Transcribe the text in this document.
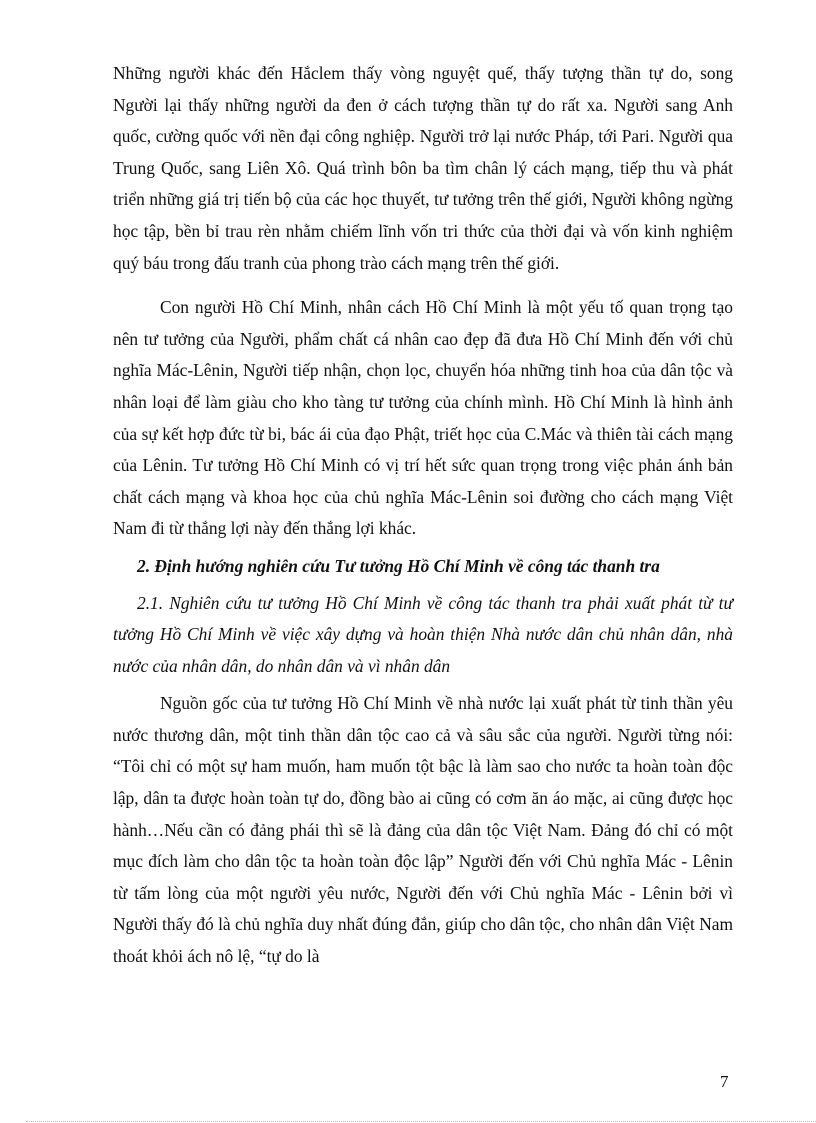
Những người khác đến Hắclem thấy vòng nguyệt quế, thấy tượng thần tự do, song Người lại thấy những người da đen ở cách tượng thần tự do rất xa. Người sang Anh quốc, cường quốc với nền đại công nghiệp. Người trở lại nước Pháp, tới Pari. Người qua Trung Quốc, sang Liên Xô. Quá trình bôn ba tìm chân lý cách mạng, tiếp thu và phát triển những giá trị tiến bộ của các học thuyết, tư tưởng trên thế giới, Người không ngừng học tập, bền bỉ trau rèn nhằm chiếm lĩnh vốn tri thức của thời đại và vốn kinh nghiệm quý báu trong đấu tranh của phong trào cách mạng trên thế giới.

Con người Hồ Chí Minh, nhân cách Hồ Chí Minh là một yếu tố quan trọng tạo nên tư tưởng của Người, phẩm chất cá nhân cao đẹp đã đưa Hồ Chí Minh đến với chủ nghĩa Mác-Lênin, Người tiếp nhận, chọn lọc, chuyển hóa những tinh hoa của dân tộc và nhân loại để làm giàu cho kho tàng tư tưởng của chính mình. Hồ Chí Minh là hình ảnh của sự kết hợp đức từ bi, bác ái của đạo Phật, triết học của C.Mác và thiên tài cách mạng của Lênin. Tư tưởng Hồ Chí Minh có vị trí hết sức quan trọng trong việc phản ánh bản chất cách mạng và khoa học của chủ nghĩa Mác-Lênin soi đường cho cách mạng Việt Nam đi từ thắng lợi này đến thắng lợi khác.

2. Định hướng nghiên cứu Tư tưởng Hồ Chí Minh về công tác thanh tra

2.1. Nghiên cứu tư tưởng Hồ Chí Minh về công tác thanh tra phải xuất phát từ tư tưởng Hồ Chí Minh về việc xây dựng và hoàn thiện Nhà nước dân chủ nhân dân, nhà nước của nhân dân, do nhân dân và vì nhân dân

Nguồn gốc của tư tưởng Hồ Chí Minh về nhà nước lại xuất phát từ tinh thần yêu nước thương dân, một tinh thần dân tộc cao cả và sâu sắc của người. Người từng nói: “Tôi chỉ có một sự ham muốn, ham muốn tột bậc là làm sao cho nước ta hoàn toàn độc lập, dân ta được hoàn toàn tự do, đồng bào ai cũng có cơm ăn áo mặc, ai cũng được học hành…Nếu cần có đảng phái thì sẽ là đảng của dân tộc Việt Nam. Đảng đó chỉ có một mục đích làm cho dân tộc ta hoàn toàn độc lập” Người đến với Chủ nghĩa Mác - Lênin từ tấm lòng của một người yêu nước, Người đến với Chủ nghĩa Mác - Lênin bởi vì Người thấy đó là chủ nghĩa duy nhất đúng đắn, giúp cho dân tộc, cho nhân dân Việt Nam thoát khỏi ách nô lệ, “tự do là

7
